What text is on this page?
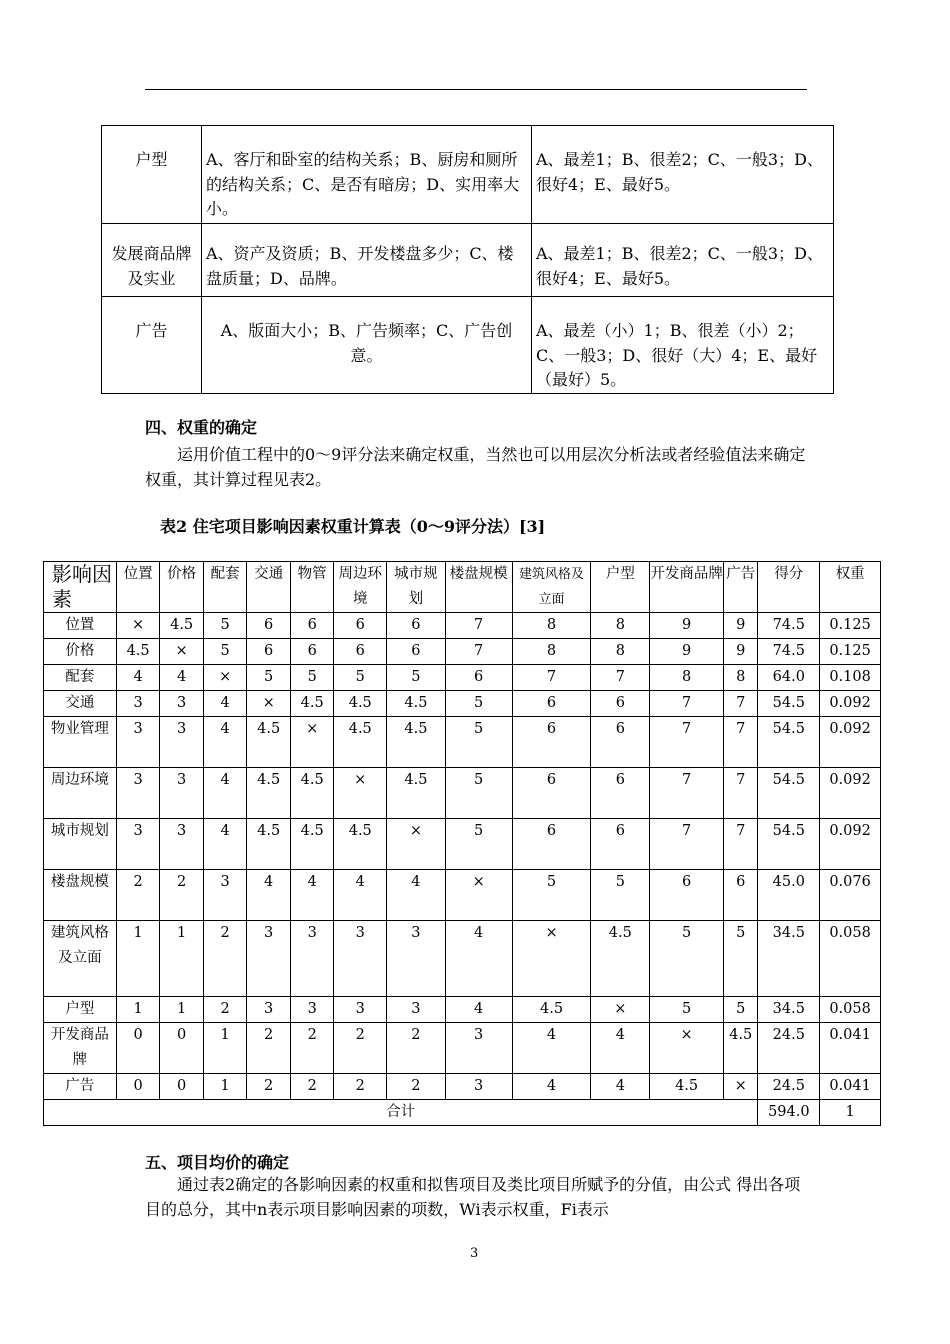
户型	A、客厅和卧室的结构关系；B、厨房和厕所的结构关系；C、是否有暗房；D、实用率大小。	A、最差1；B、很差2；C、一般3；D、很好4；E、最好5。
发展商品牌及实业	A、资产及资质；B、开发楼盘多少；C、楼盘质量；D、品牌。	A、最差1；B、很差2；C、一般3；D、很好4；E、最好5。
广告	A、版面大小；B、广告频率；C、广告创意。	A、最差（小）1；B、很差（小）2；C、一般3；D、很好（大）4；E、最好（最好）5。
四、权重的确定
运用价值工程中的0～9评分法来确定权重，当然也可以用层次分析法或者经验值法来确定权重，其计算过程见表2。
表2 住宅项目影响因素权重计算表（0～9评分法）[3]
影响因素	位置	价格	配套	交通	物管	周边环境	城市规划	楼盘规模	建筑风格及立面	户型	开发商品牌	广告	得分	权重
位置	×	4.5	5	6	6	6	6	7	8	8	9	9	74.5	0.125
价格	4.5	×	5	6	6	6	6	7	8	8	9	9	74.5	0.125
配套	4	4	×	5	5	5	5	6	7	7	8	8	64.0	0.108
交通	3	3	4	×	4.5	4.5	4.5	5	6	6	7	7	54.5	0.092
物业管理	3	3	4	4.5	×	4.5	4.5	5	6	6	7	7	54.5	0.092
周边环境	3	3	4	4.5	4.5	×	4.5	5	6	6	7	7	54.5	0.092
城市规划	3	3	4	4.5	4.5	4.5	×	5	6	6	7	7	54.5	0.092
楼盘规模	2	2	3	4	4	4	4	×	5	5	6	6	45.0	0.076
建筑风格及立面	1	1	2	3	3	3	3	4	×	4.5	5	5	34.5	0.058
户型	1	1	2	3	3	3	3	4	4.5	×	5	5	34.5	0.058
开发商品牌	0	0	1	2	2	2	2	3	4	4	×	4.5	24.5	0.041
广告	0	0	1	2	2	2	2	3	4	4	4.5	×	24.5	0.041
合计													594.0	1
五、项目均价的确定
通过表2确定的各影响因素的权重和拟售项目及类比项目所赋予的分值，由公式 得出各项目的总分，其中n表示项目影响因素的项数，Wi表示权重，Fi表示
3
